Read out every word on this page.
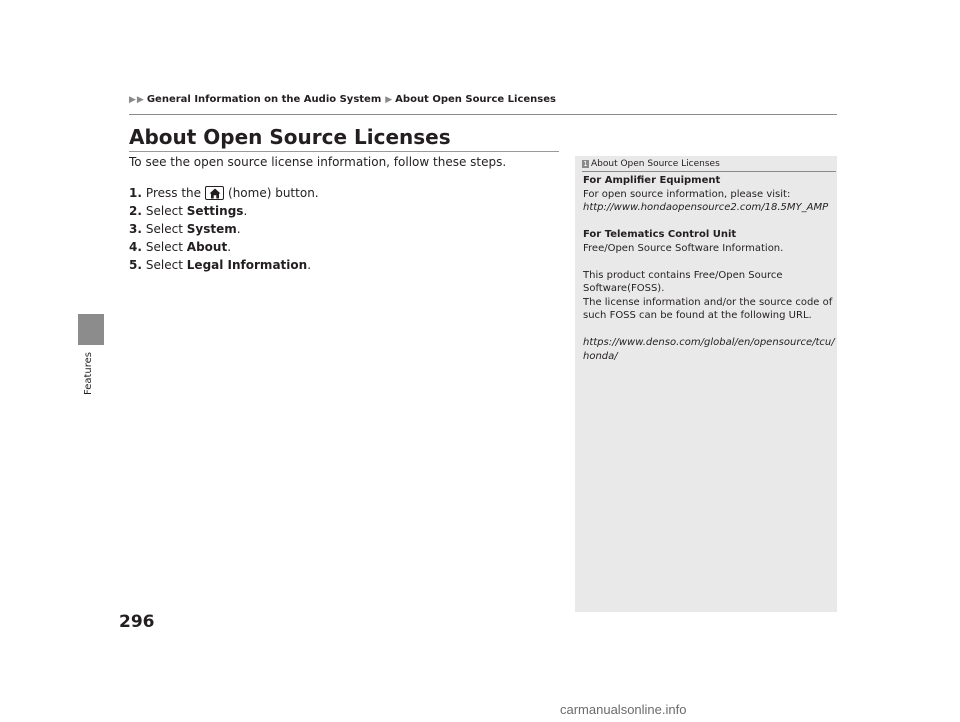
▶ ▶ General Information on the Audio System ▶ About Open Source Licenses
Features
About Open Source Licenses
To see the open source license information, follow these steps.
1. Press the (home) button.
2. Select
Settings .
3. Select
System .
4. Select
About .
5. Select
Legal Information .
1 About Open Source Licenses
For Amplifier Equipment
For open source information, please visit:
http://www.hondaopensource2.com/18.5MY_AMP
For Telematics Control Unit
Free/Open Source Software Information.
This product contains Free/Open Source
Software(FOSS).
The license information and/or the source code of
such FOSS can be found at the following URL.
https://www.denso.com/global/en/opensource/tcu/
honda/
296
carmanualsonline.info
